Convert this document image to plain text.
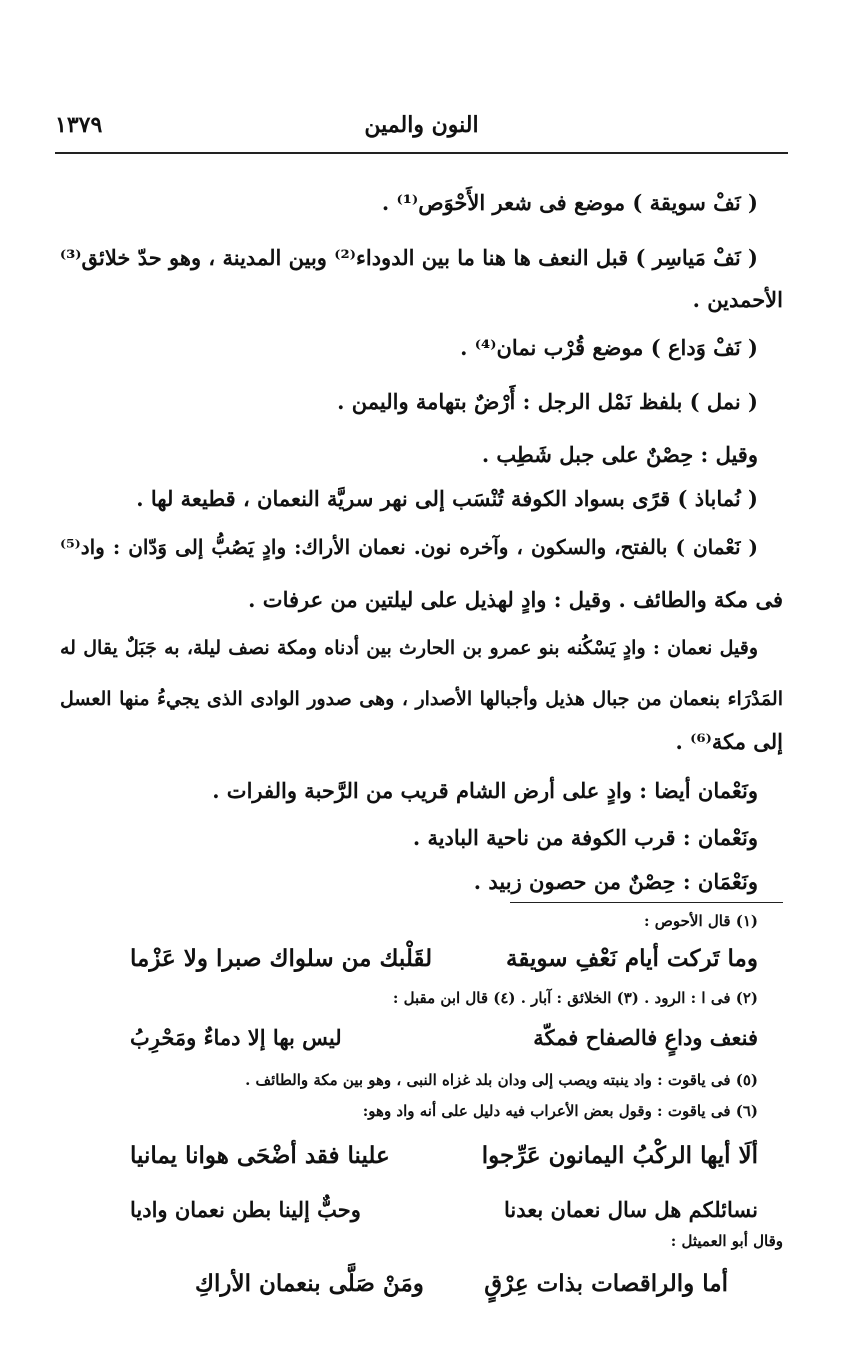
النون والمين
١٣٧٩
( نَفْ سويقة ) موضع فى شعر الأَحْوَص⁽¹⁾ .
( نَفْ مَياسِر ) قبل النعف ها هنا ما بين الدوداء⁽²⁾ وبين المدينة ، وهو حدّ خلائق⁽³⁾
الأحمدين .
( نَفْ وَداع ) موضع قُرْب نمان⁽⁴⁾ .
( نمل ) بلفظ نَمْل الرجل : أَرْضٌ بتهامة واليمن .
وقيل : حِصْنٌ على جبل شَطِب .
( نُماباذ ) قرًى بسواد الكوفة تُنْسَب إلى نهر سريَّة النعمان ، قطيعة لها .
( نَعْمان ) بالفتح، والسكون ، وآخره نون. نعمان الأراك: وادٍ يَصُبُّ إلى وَدّان : واد⁽⁵⁾
فى مكة والطائف . وقيل : وادٍ لهذيل على ليلتين من عرفات .
وقيل نعمان : وادٍ يَسْكُنه بنو عمرو بن الحارث بين أدناه ومكة نصف ليلة، به جَبَلٌ يقال له
المَدْرَاء بنعمان من جبال هذيل وأجبالها الأصدار ، وهى صدور الوادى الذى يجيءُ منها العسل
إلى مكة⁽⁶⁾ .
ونَعْمان أيضا : وادٍ على أرض الشام قريب من الرَّحبة والفرات .
ونَعْمان : قرب الكوفة من ناحية البادية .
ونَعْمَان : حِصْنٌ من حصون زبيد .
(١) قال الأحوص :
وما تَركت أيام نَعْفِ سويقة
لقَلْبك من سلواك صبرا ولا عَزْما
(٢) فى ا : الرود . (٣) الخلائق : آبار . (٤) قال ابن مقبل :
فنعف وداعٍ فالصفاح فمكّة
ليس بها إلا دماءٌ ومَحْرِبُ
(٥) فى ياقوت : واد ينبته ويصب إلى ودان بلد غزاه النبى ، وهو بين مكة والطائف .
(٦) فى ياقوت : وقول بعض الأعراب فيه دليل على أنه واد وهو:
ألَا أيها الركْبُ اليمانون عَرِّجوا
علينا فقد أضْحَى هوانا يمانيا
نسائلكم هل سال نعمان بعدنا
وحبٌّ إلينا بطن نعمان واديا
وقال أبو العميثل :
أما والراقصات بذات عِرْقٍ
ومَنْ صَلَّى بنعمان الأراكِ
